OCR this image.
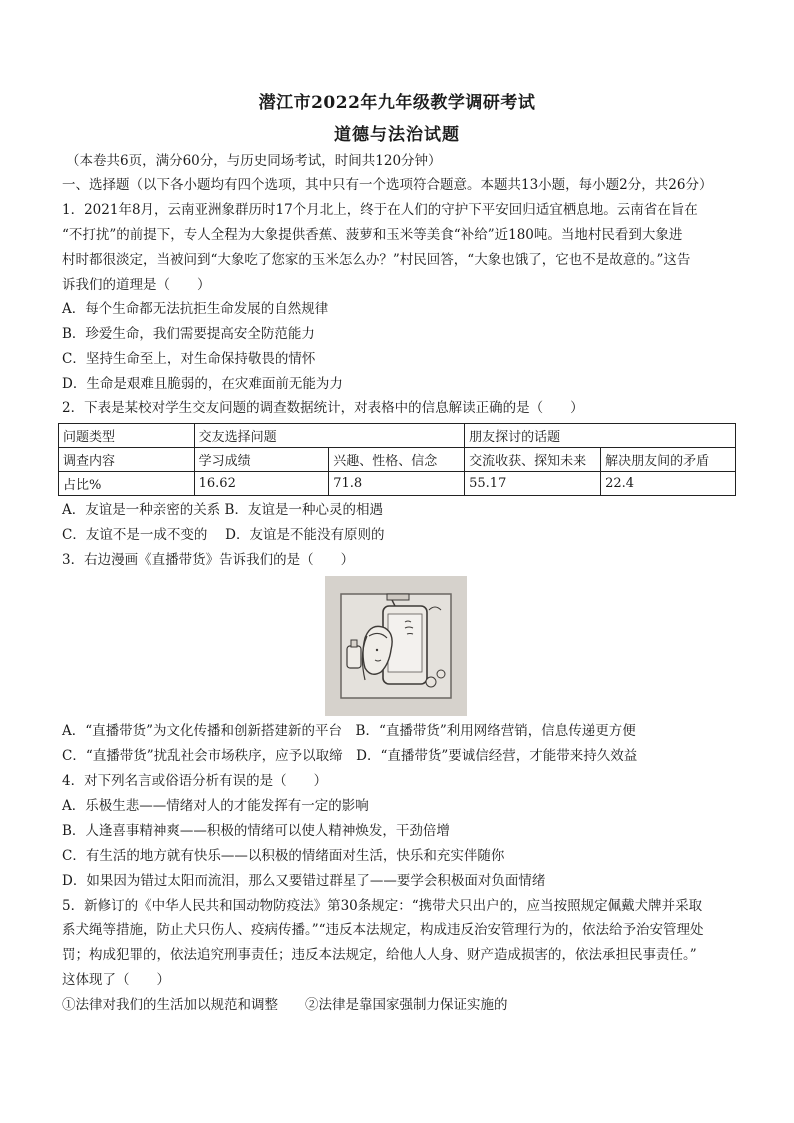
潜江市2022年九年级教学调研考试
道德与法治试题
（本卷共6页，满分60分，与历史同场考试，时间共120分钟）
一、选择题（以下各小题均有四个选项，其中只有一个选项符合题意。本题共13小题，每小题2分，共26分）
1．2021年8月，云南亚洲象群历时17个月北上，终于在人们的守护下平安回归适宜栖息地。云南省在旨在
“不打扰”的前提下，专人全程为大象提供香蕉、菠萝和玉米等美食“补给”近180吨。当地村民看到大象进
村时都很淡定，当被问到“大象吃了您家的玉米怎么办？”村民回答，“大象也饿了，它也不是故意的。”这告
诉我们的道理是（　　）
A．每个生命都无法抗拒生命发展的自然规律
B．珍爱生命，我们需要提高安全防范能力
C．坚持生命至上，对生命保持敬畏的情怀
D．生命是艰难且脆弱的，在灾难面前无能为力
2．下表是某校对学生交友问题的调查数据统计，对表格中的信息解读正确的是（　　）
问题类型	交友选择问题		朋友探讨的话题	
调查内容	学习成绩	兴趣、性格、信念	交流收获、探知未来	解决朋友间的矛盾
占比%	16.62	71.8	55.17	22.4
A．友谊是一种亲密的关系 B．友谊是一种心灵的相遇
C．友谊不是一成不变的　 D．友谊是不能没有原则的
3．右边漫画《直播带货》告诉我们的是（　　）
A．“直播带货”为文化传播和创新搭建新的平台　B．“直播带货”利用网络营销，信息传递更方便
C．“直播带货”扰乱社会市场秩序，应予以取缔　D．“直播带货”要诚信经营，才能带来持久效益
4．对下列名言或俗语分析有误的是（　　）
A．乐极生悲——情绪对人的才能发挥有一定的影响
B．人逢喜事精神爽——积极的情绪可以使人精神焕发，干劲倍增
C．有生活的地方就有快乐——以积极的情绪面对生活，快乐和充实伴随你
D．如果因为错过太阳而流泪，那么又要错过群星了——要学会积极面对负面情绪
5．新修订的《中华人民共和国动物防疫法》第30条规定：“携带犬只出户的，应当按照规定佩戴犬牌并采取
系犬绳等措施，防止犬只伤人、疫病传播。”“违反本法规定，构成违反治安管理行为的，依法给予治安管理处
罚；构成犯罪的，依法追究刑事责任；违反本法规定，给他人人身、财产造成损害的，依法承担民事责任。”
这体现了（　　）
①法律对我们的生活加以规范和调整　　②法律是靠国家强制力保证实施的
